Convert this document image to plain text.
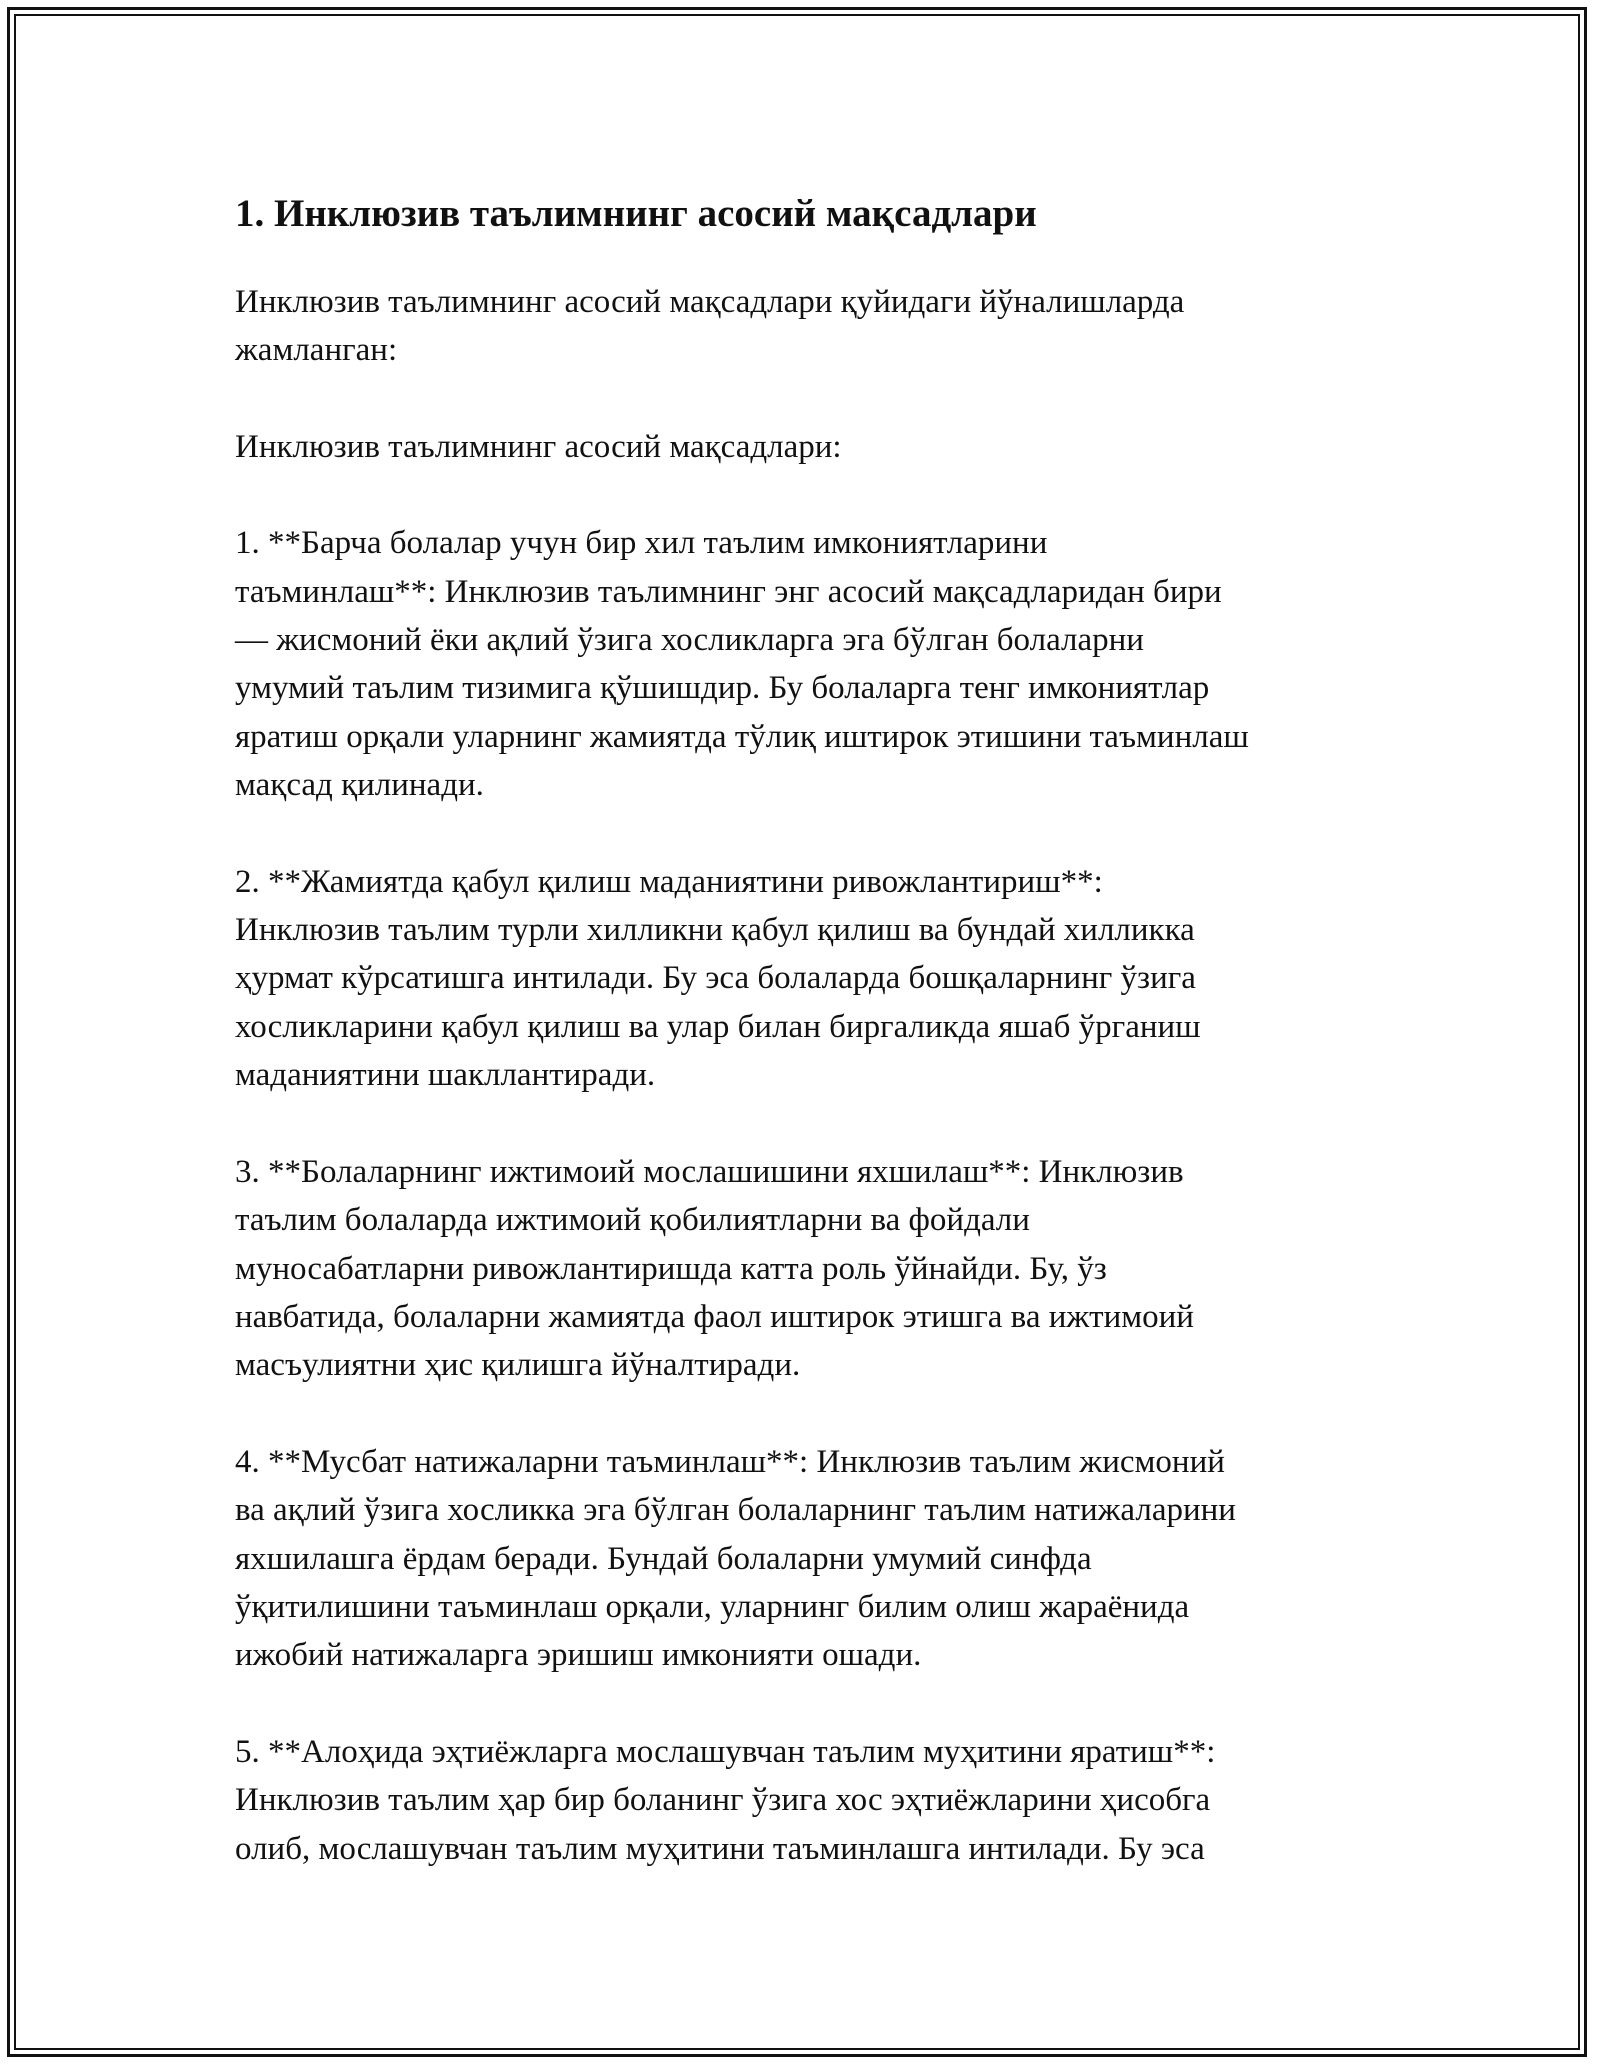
1. Инклюзив таълимнинг асосий мақсадлари

Инклюзив таълимнинг асосий мақсадлари қуйидаги йўналишларда
жамланган:

Инклюзив таълимнинг асосий мақсадлари:

1. **Барча болалар учун бир хил таълим имкониятларини
таъминлаш**: Инклюзив таълимнинг энг асосий мақсадларидан бири
— жисмоний ёки ақлий ўзига хосликларга эга бўлган болаларни
умумий таълим тизимига қўшишдир. Бу болаларга тенг имкониятлар
яратиш орқали уларнинг жамиятда тўлиқ иштирок этишини таъминлаш
мақсад қилинади.

2. **Жамиятда қабул қилиш маданиятини ривожлантириш**:
Инклюзив таълим турли хилликни қабул қилиш ва бундай хилликка
ҳурмат кўрсатишга интилади. Бу эса болаларда бошқаларнинг ўзига
хосликларини қабул қилиш ва улар билан биргаликда яшаб ўрганиш
маданиятини шакллантиради.

3. **Болаларнинг ижтимоий мослашишини яхшилаш**: Инклюзив
таълим болаларда ижтимоий қобилиятларни ва фойдали
муносабатларни ривожлантиришда катта роль ўйнайди. Бу, ўз
навбатида, болаларни жамиятда фаол иштирок этишга ва ижтимоий
масъулиятни ҳис қилишга йўналтиради.

4. **Мусбат натижаларни таъминлаш**: Инклюзив таълим жисмоний
ва ақлий ўзига хосликка эга бўлган болаларнинг таълим натижаларини
яхшилашга ёрдам беради. Бундай болаларни умумий синфда
ўқитилишини таъминлаш орқали, уларнинг билим олиш жараёнида
ижобий натижаларга эришиш имконияти ошади.

5. **Алоҳида эҳтиёжларга мослашувчан таълим муҳитини яратиш**:
Инклюзив таълим ҳар бир боланинг ўзига хос эҳтиёжларини ҳисобга
олиб, мослашувчан таълим муҳитини таъминлашга интилади. Бу эса
